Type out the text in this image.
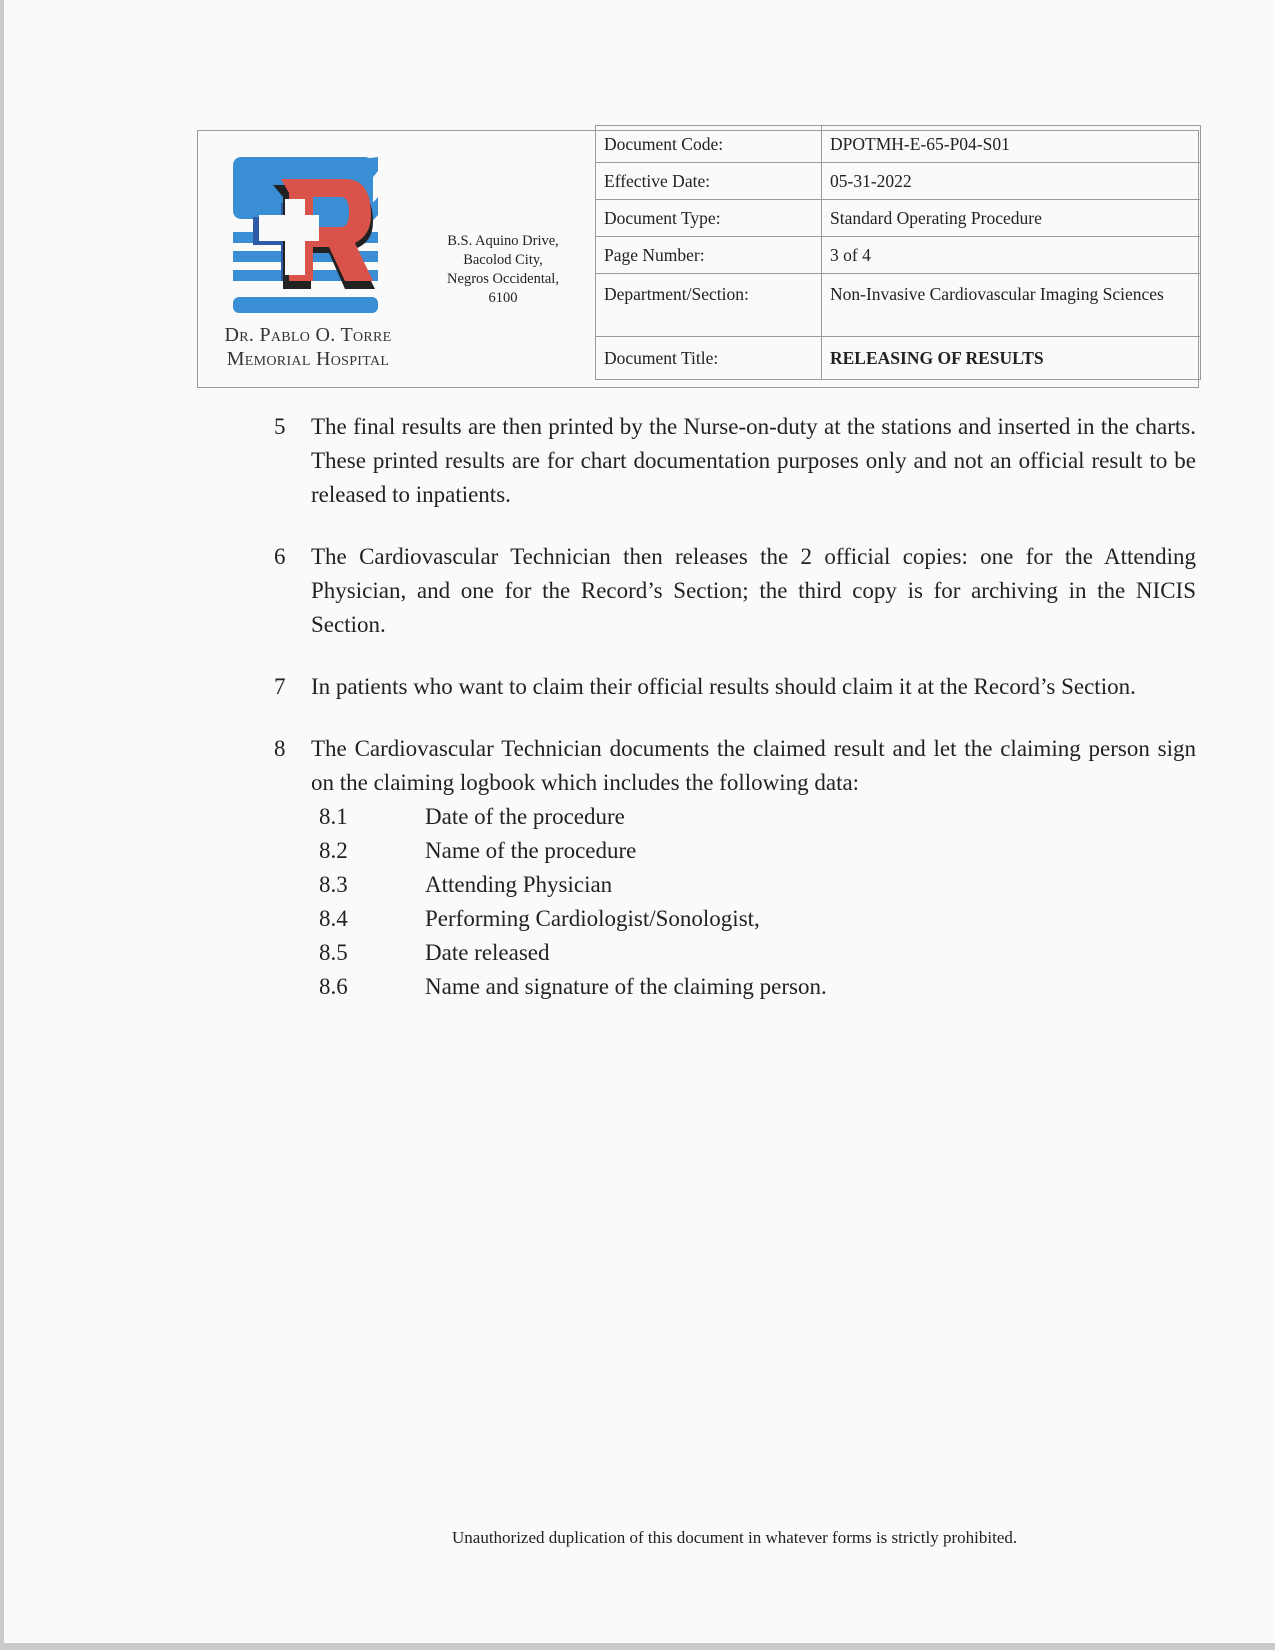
Dr. Pablo O. Torre
Memorial Hospital
B.S. Aquino Drive,
Bacolod City,
Negros Occidental,
6100
Document Code:	DPOTMH-E-65-P04-S01
Effective Date:	05-31-2022
Document Type:	Standard Operating Procedure
Page Number:	3 of 4
Department/Section:	Non-Invasive Cardiovascular Imaging Sciences
Document Title:	RELEASING OF RESULTS
5	The final results are then printed by the Nurse-on-duty at the stations and inserted in the charts. These printed results are for chart documentation purposes only and not an official result to be released to inpatients.
6	The Cardiovascular Technician then releases the 2 official copies: one for the Attending Physician, and one for the Record’s Section; the third copy is for archiving in the NICIS Section.
7	In patients who want to claim their official results should claim it at the Record’s Section.
8	The Cardiovascular Technician documents the claimed result and let the claiming person sign on the claiming logbook which includes the following data:
8.1	Date of the procedure
8.2	Name of the procedure
8.3	Attending Physician
8.4	Performing Cardiologist/Sonologist,
8.5	Date released
8.6	Name and signature of the claiming person.
Unauthorized duplication of this document in whatever forms is strictly prohibited.
